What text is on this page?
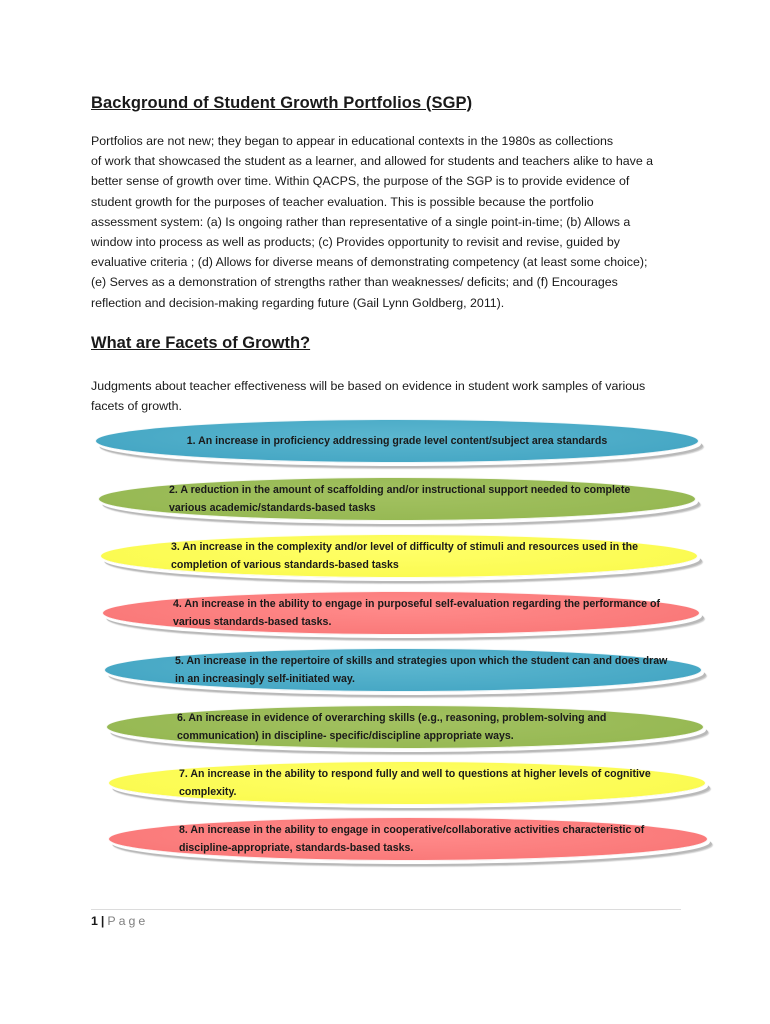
Background of Student Growth Portfolios (SGP)

Portfolios are not new; they began to appear in educational contexts in the 1980s as collections
of work that showcased the student as a learner, and allowed for students and teachers alike to have a
better sense of growth over time. Within QACPS, the purpose of the SGP is to provide evidence of
student growth for the purposes of teacher evaluation. This is possible because the portfolio
assessment system: (a) Is ongoing rather than representative of a single point-in-time; (b) Allows a
window into process as well as products; (c) Provides opportunity to revisit and revise, guided by
evaluative criteria ; (d) Allows for diverse means of demonstrating competency (at least some choice);
(e) Serves as a demonstration of strengths rather than weaknesses/ deficits; and (f) Encourages
reflection and decision-making regarding future (Gail Lynn Goldberg, 2011).

What are Facets of Growth?

Judgments about teacher effectiveness will be based on evidence in student work samples of various
facets of growth.

1. An increase in proficiency addressing grade level content/subject area standards
2. A reduction in the amount of scaffolding and/or instructional support needed to complete various academic/standards-based tasks
3. An increase in the complexity and/or level of difficulty of stimuli and resources used in the completion of various standards-based tasks
4. An increase in the ability to engage in purposeful self-evaluation regarding the performance of various standards-based tasks.
5. An increase in the repertoire of skills and strategies upon which the student can and does draw in an increasingly self-initiated way.
6. An increase in evidence of overarching skills (e.g., reasoning, problem-solving and communication) in discipline- specific/discipline appropriate ways.
7. An increase in the ability to respond fully and well to questions at higher levels of cognitive complexity.
8. An increase in the ability to engage in cooperative/collaborative activities characteristic of discipline-appropriate, standards-based tasks.
1 | Page
